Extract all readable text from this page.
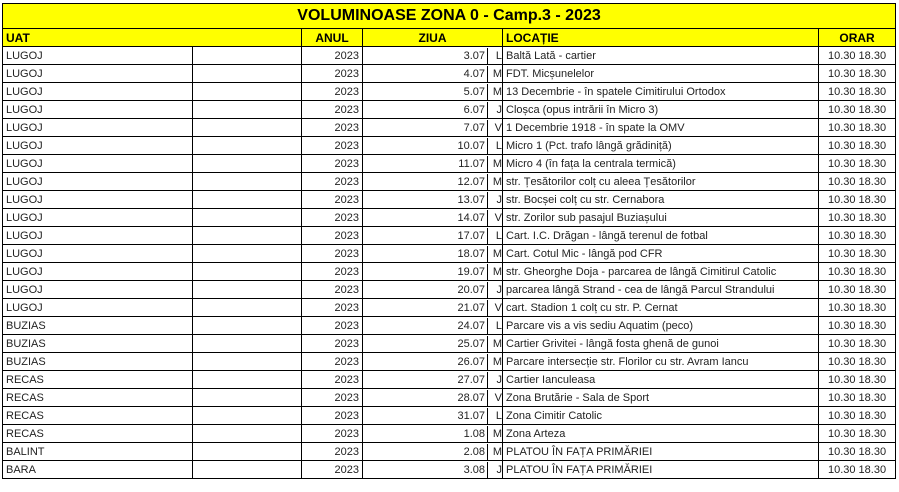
VOLUMINOASE ZONA 0 - Camp.3 - 2023					
UAT		ANUL	ZIUA	LOCAȚIE	ORAR
LUGOJ		2023	3.07 L	Baltă Lată - cartier	10.30 18.30
LUGOJ		2023	4.07 M	FDT. Micșunelelor	10.30 18.30
LUGOJ		2023	5.07 M	13 Decembrie - în spatele Cimitirului Ortodox	10.30 18.30
LUGOJ		2023	6.07 J	Cloșca (opus intrării în Micro 3)	10.30 18.30
LUGOJ		2023	7.07 V	1 Decembrie 1918 - în spate la OMV	10.30 18.30
LUGOJ		2023	10.07 L	Micro 1 (Pct. trafo lângă grădiniță)	10.30 18.30
LUGOJ		2023	11.07 M	Micro 4 (în fața la centrala termică)	10.30 18.30
LUGOJ		2023	12.07 M	str. Țesătorilor colț cu aleea Țesătorilor	10.30 18.30
LUGOJ		2023	13.07 J	str. Bocșei colț cu str. Cernabora	10.30 18.30
LUGOJ		2023	14.07 V	str. Zorilor sub pasajul Buziașului	10.30 18.30
LUGOJ		2023	17.07 L	Cart. I.C. Drăgan - lângă terenul de fotbal	10.30 18.30
LUGOJ		2023	18.07 M	Cart. Cotul Mic - lângă pod CFR	10.30 18.30
LUGOJ		2023	19.07 M	str. Gheorghe Doja - parcarea de lângă Cimitirul Catolic	10.30 18.30
LUGOJ		2023	20.07 J	parcarea lângă Strand - cea de lângă Parcul Strandului	10.30 18.30
LUGOJ		2023	21.07 V	cart. Stadion 1 colț cu str. P. Cernat	10.30 18.30
BUZIAS		2023	24.07 L	Parcare vis a vis sediu Aquatim (peco)	10.30 18.30
BUZIAS		2023	25.07 M	Cartier Grivitei - lângă fosta ghenă de gunoi	10.30 18.30
BUZIAS		2023	26.07 M	Parcare intersecție str. Florilor cu str. Avram Iancu	10.30 18.30
RECAS		2023	27.07 J	Cartier Ianculeasa	10.30 18.30
RECAS		2023	28.07 V	Zona Brutărie - Sala de Sport	10.30 18.30
RECAS		2023	31.07 L	Zona Cimitir Catolic	10.30 18.30
RECAS		2023	1.08 M	Zona Arteza	10.30 18.30
BALINT		2023	2.08 M	PLATOU ÎN FAȚA PRIMĂRIEI	10.30 18.30
BARA		2023	3.08 J	PLATOU ÎN FAȚA PRIMĂRIEI	10.30 18.30
